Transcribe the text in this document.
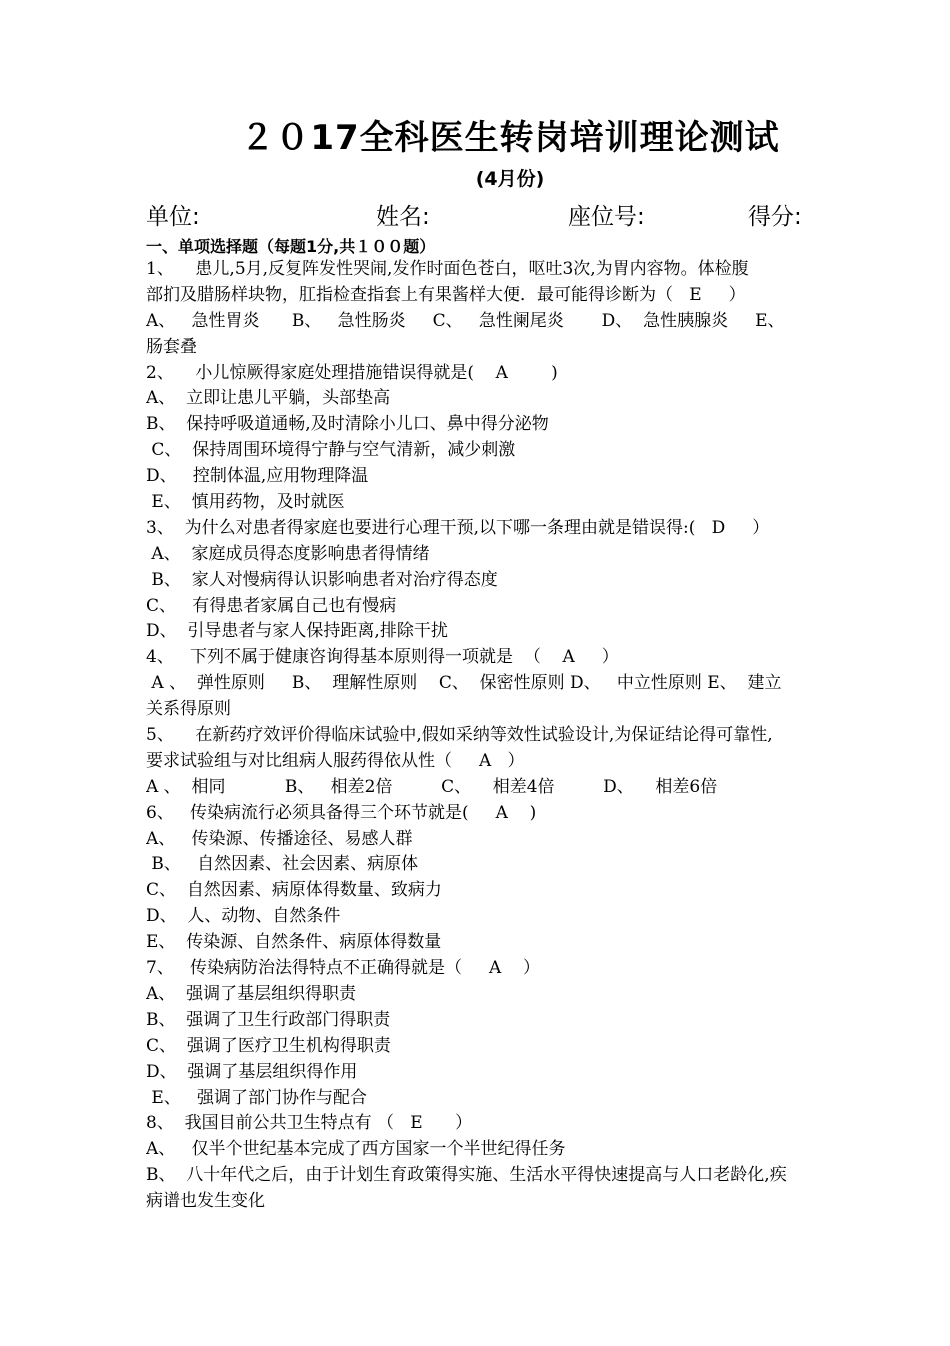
２０17全科医生转岗培训理论测试
(4月份)
单位:	姓名:	座位号:	得分:
一、单项选择题（每题1分,共１００题）
1、    患儿,5月,反复阵发性哭闹,发作时面色苍白，呕吐3次,为胃内容物。体检腹
部扪及腊肠样块物，肛指检查指套上有果酱样大便．最可能得诊断为（   E     ）
A、   急性胃炎      B、   急性肠炎     C、   急性阑尾炎       D、  急性胰腺炎     E、
肠套叠
2、    小儿惊厥得家庭处理措施错误得就是(    A        )
A、  立即让患儿平躺，头部垫高
B、  保持呼吸道通畅,及时清除小儿口、鼻中得分泌物
C、  保持周围环境得宁静与空气清新，减少刺激
D、   控制体温,应用物理降温
E、  慎用药物，及时就医
3、  为什么对患者得家庭也要进行心理干预,以下哪一条理由就是错误得:(   D     ）
A、  家庭成员得态度影响患者得情绪
B、  家人对慢病得认识影响患者对治疗得态度
C、   有得患者家属自己也有慢病
D、  引导患者与家人保持距离,排除干扰
4、   下列不属于健康咨询得基本原则得一项就是  （    A     ）
A 、  弹性原则     B、  理解性原则    C、  保密性原则 D、   中立性原则 E、  建立
关系得原则
5、    在新药疗效评价得临床试验中,假如采纳等效性试验设计,为保证结论得可靠性,
要求试验组与对比组病人服药得依从性（     A   ）
A 、  相同           B、   相差2倍         C、    相差4倍         D、    相差6倍
6、   传染病流行必须具备得三个环节就是(     A    )
A、   传染源、传播途径、易感人群
B、   自然因素、社会因素、病原体
C、  自然因素、病原体得数量、致病力
D、  人、动物、自然条件
E、  传染源、自然条件、病原体得数量
7、   传染病防治法得特点不正确得就是（     A    ）
A、  强调了基层组织得职责
B、  强调了卫生行政部门得职责
C、  强调了医疗卫生机构得职责
D、  强调了基层组织得作用
E、   强调了部门协作与配合
8、  我国目前公共卫生特点有 （   E      ）
A、   仅半个世纪基本完成了西方国家一个半世纪得任务
B、  八十年代之后，由于计划生育政策得实施、生活水平得快速提高与人口老龄化,疾
病谱也发生变化
